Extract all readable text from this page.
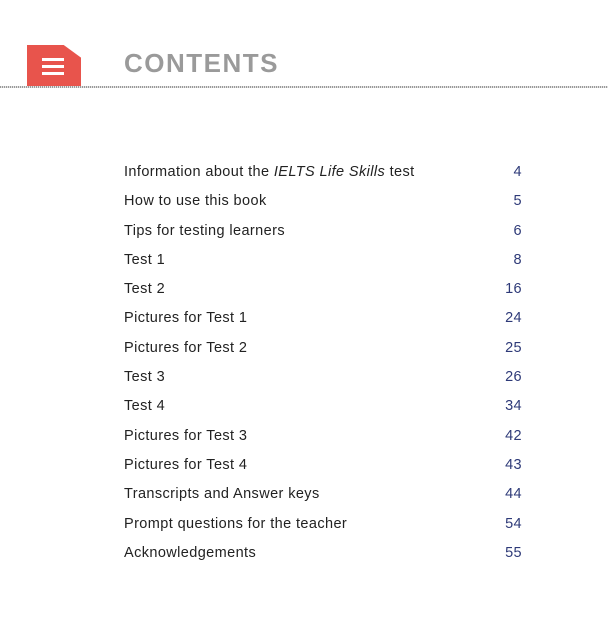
CONTENTS
Information about the IELTS Life Skills test	4
How to use this book	5
Tips for testing learners	6
Test 1	8
Test 2	16
Pictures for Test 1	24
Pictures for Test 2	25
Test 3	26
Test 4	34
Pictures for Test 3	42
Pictures for Test 4	43
Transcripts and Answer keys	44
Prompt questions for the teacher	54
Acknowledgements	55
